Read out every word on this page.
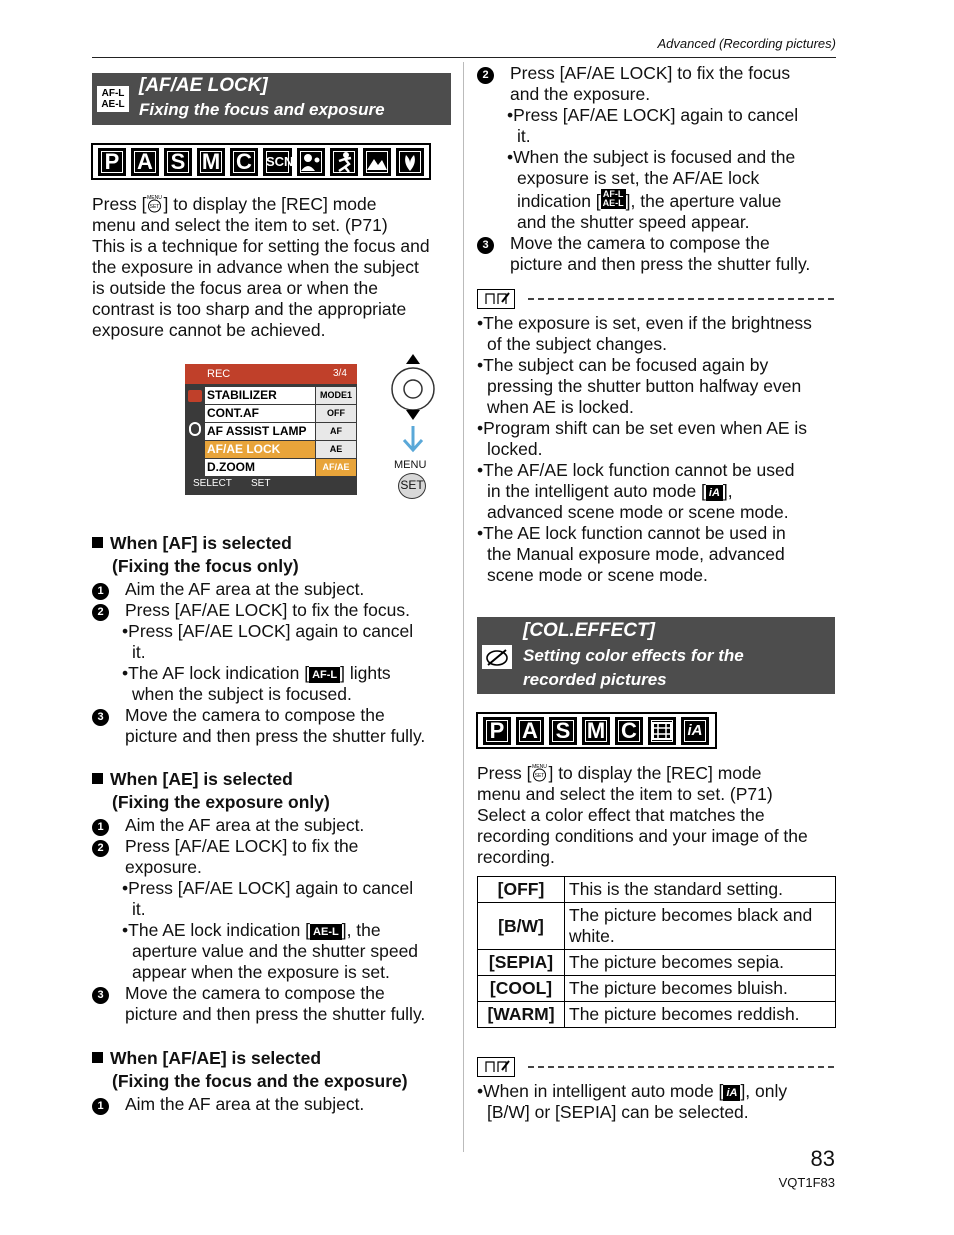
Advanced (Recording pictures)
AF-L
AE-L
[AF/AE LOCK]
Fixing the focus and exposure
P A S M C	SCN
Press [ MENU
SET ] to display the [REC] mode
menu and select the item to set. (P71)
This is a technique for setting the focus and
the exposure in advance when the subject
is outside the focus area or when the
contrast is too sharp and the appropriate
exposure cannot be achieved.
REC	3/4
STABILIZER	MODE1
CONT.AF	OFF
AF ASSIST LAMP	AF
AF/AE LOCK	AE
D.ZOOM	AF/AE
SELECT SET
MENU
SET
When [AF] is selected
(Fixing the focus only)
1 Aim the AF area at the subject.
2 Press [AF/AE LOCK] to fix the focus.
•Press [AF/AE LOCK] again to cancel
it.
•The AF lock indication [ AF-L ] lights
when the subject is focused.
3 Move the camera to compose the
picture and then press the shutter fully.
When [AE] is selected
(Fixing the exposure only)
1 Aim the AF area at the subject.
2 Press [AF/AE LOCK] to fix the
exposure.
•Press [AF/AE LOCK] again to cancel
it.
•The AE lock indication [ AE-L ], the
aperture value and the shutter speed
appear when the exposure is set.
3 Move the camera to compose the
picture and then press the shutter fully.
When [AF/AE] is selected
(Fixing the focus and the exposure)
1 Aim the AF area at the subject.
2 Press [AF/AE LOCK] to fix the focus
and the exposure.
•Press [AF/AE LOCK] again to cancel
it.
•When the subject is focused and the
exposure is set, the AF/AE lock
indication [ AF-L
AE-L ], the aperture value
and the shutter speed appear.
3 Move the camera to compose the
picture and then press the shutter fully.
•The exposure is set, even if the brightness
of the subject changes.
•The subject can be focused again by
pressing the shutter button halfway even
when AE is locked.
•Program shift can be set even when AE is
locked.
•The AF/AE lock function cannot be used
in the intelligent auto mode [ iA ],
advanced scene mode or scene mode.
•The AE lock function cannot be used in
the Manual exposure mode, advanced
scene mode or scene mode.
[COL.EFFECT]
Setting color effects for the
recorded pictures
P A S M C	iA
Press [ MENU
SET ] to display the [REC] mode
menu and select the item to set. (P71)
Select a color effect that matches the
recording conditions and your image of the
recording.
[OFF]	This is the standard setting.
[B/W]	The picture becomes black and
white.

[SEPIA]	The picture becomes sepia.
[COOL]	The picture becomes bluish.
[WARM]	The picture becomes reddish.
•When in intelligent auto mode [ iA ], only
[B/W] or [SEPIA] can be selected.
83
VQT1F83
